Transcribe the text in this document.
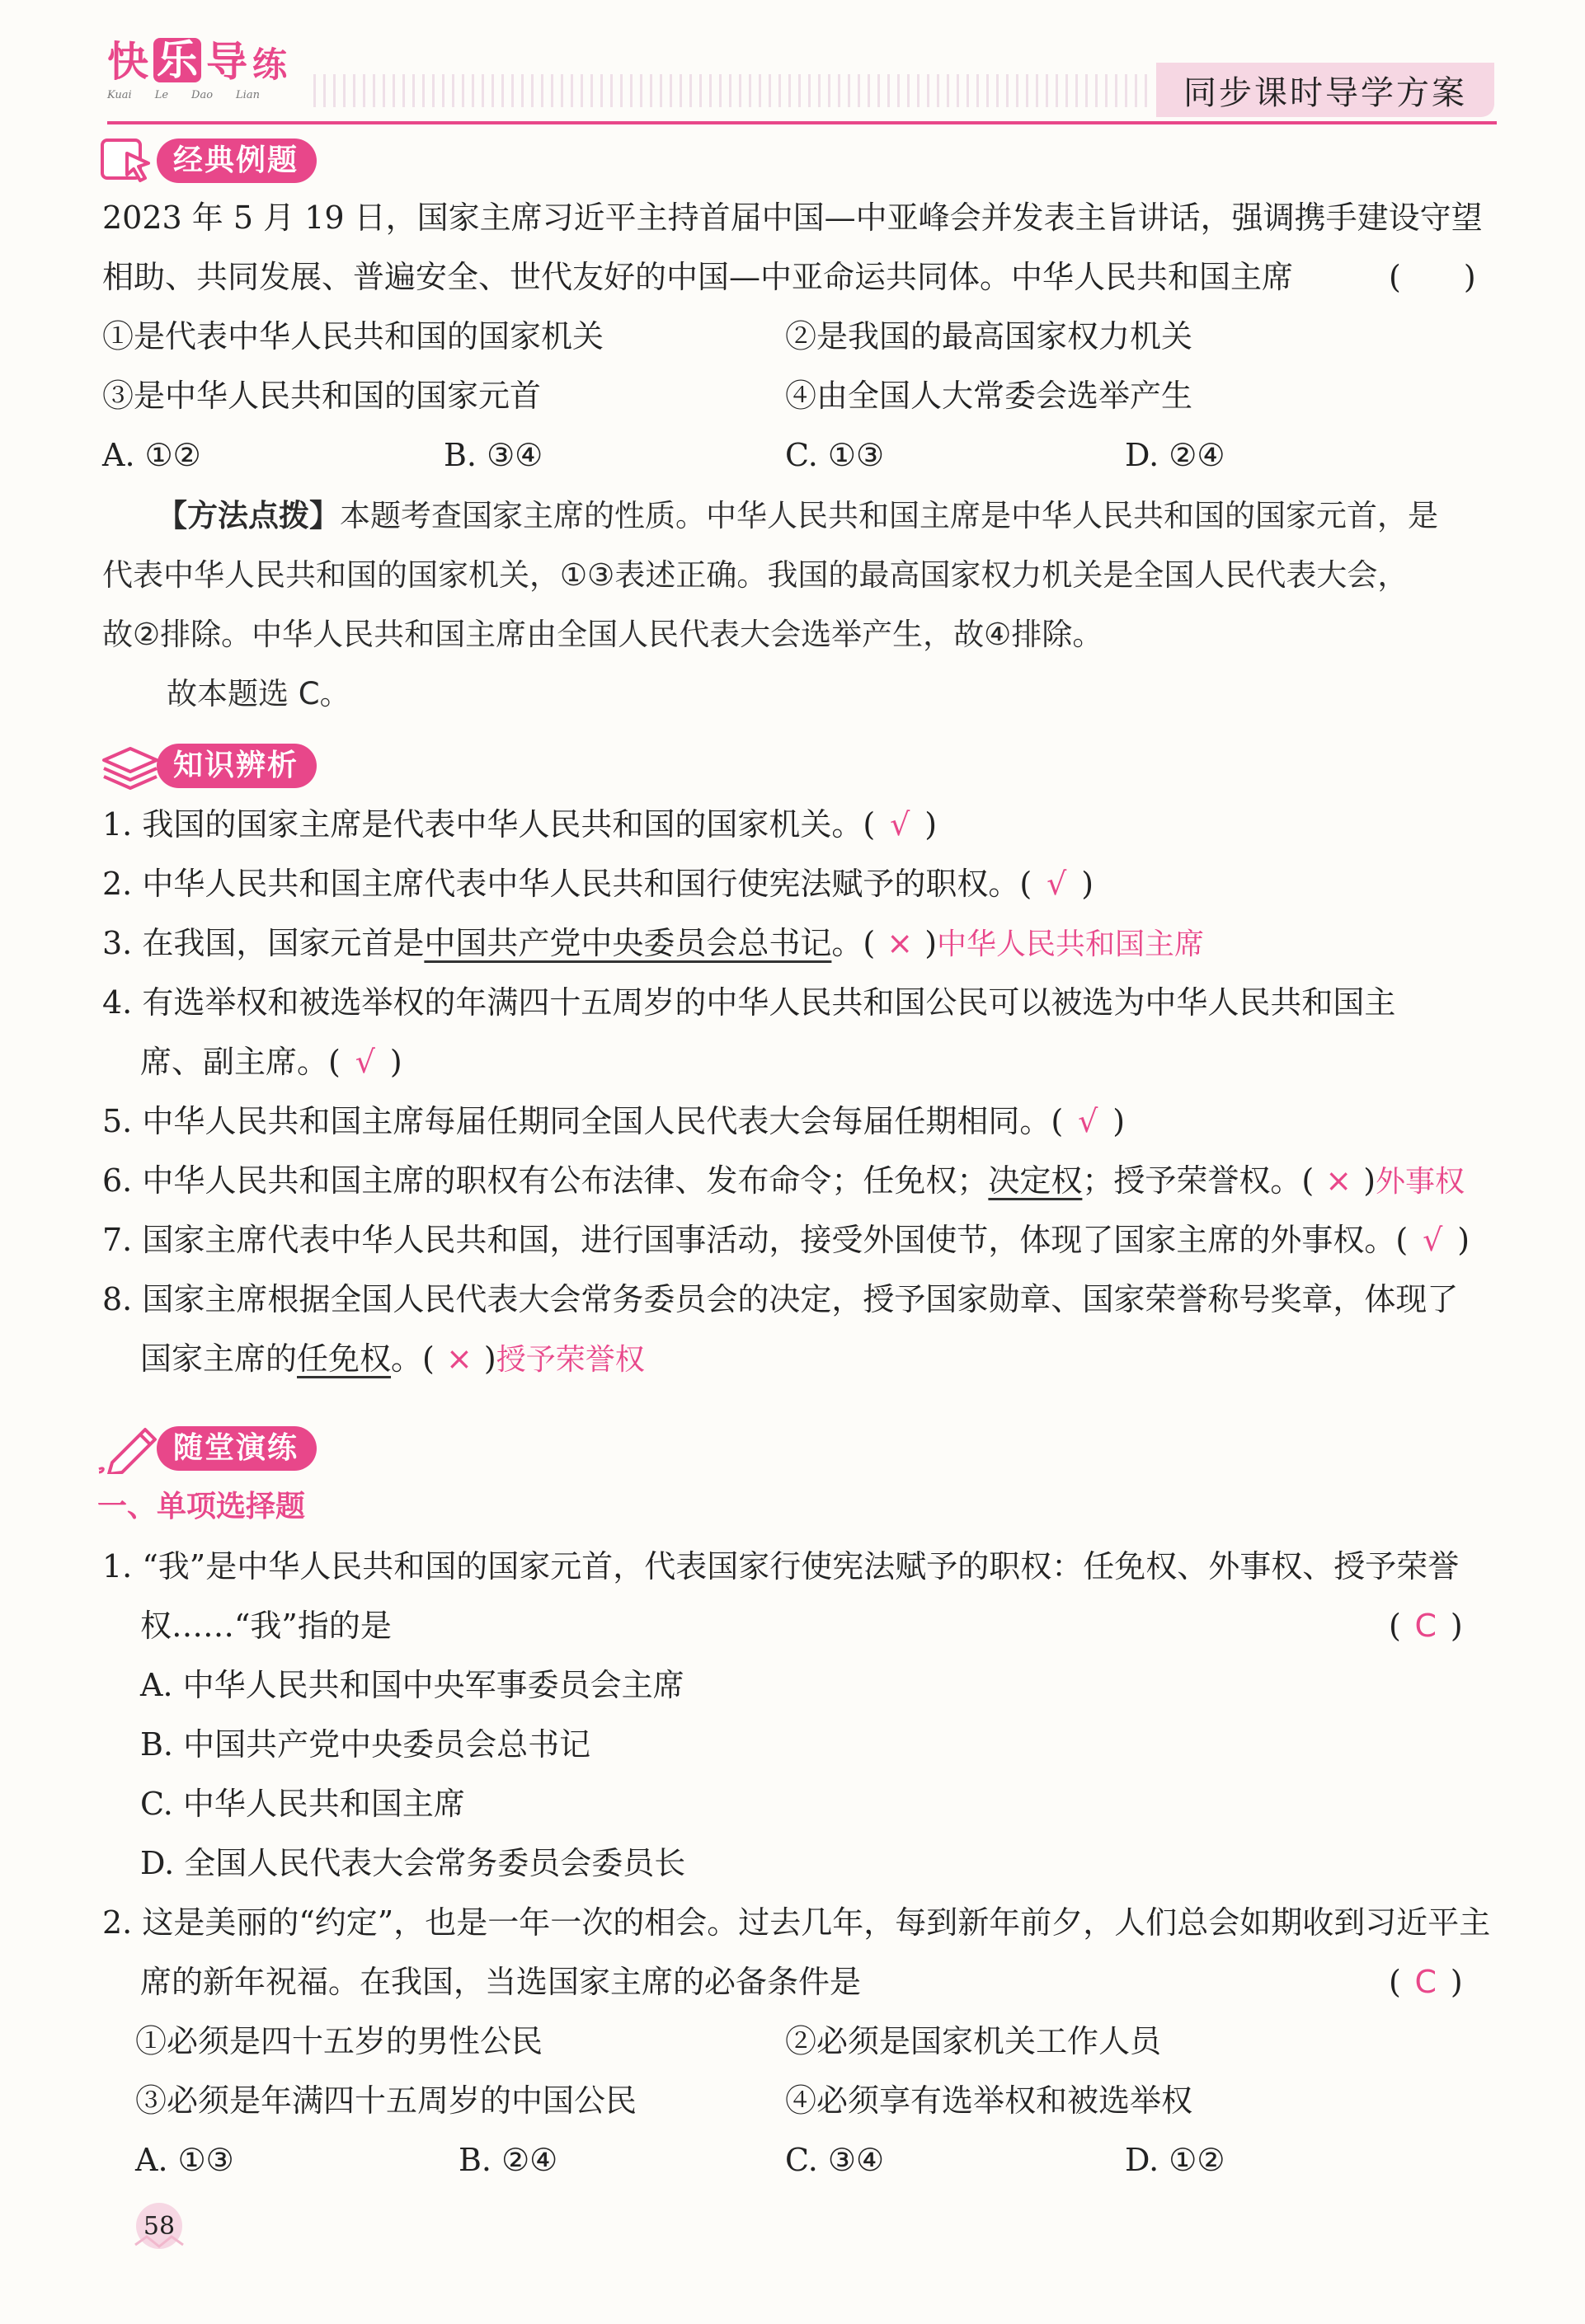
快 乐 导 练
Kuai Le Dao Lian	同步课时导学方案
经典例题
2023 年 5 月 19 日，国家主席习近平主持首届中国—中亚峰会并发表主旨讲话，强调携手建设守望
相助、共同发展、普遍安全、世代友好的中国—中亚命运共同体。中华人民共和国主席	(　　)
①是代表中华人民共和国的国家机关	②是我国的最高国家权力机关
③是中华人民共和国的国家元首	④由全国人大常委会选举产生
A. ①②	B. ③④	C. ①③	D. ②④
【方法点拨】本题考查国家主席的性质。中华人民共和国主席是中华人民共和国的国家元首，是
代表中华人民共和国的国家机关，①③表述正确。我国的最高国家权力机关是全国人民代表大会，
故②排除。中华人民共和国主席由全国人民代表大会选举产生，故④排除。
故本题选 C。
知识辨析
1. 我国的国家主席是代表中华人民共和国的国家机关。( √ )
2. 中华人民共和国主席代表中华人民共和国行使宪法赋予的职权。( √ )
3. 在我国，国家元首是中国共产党中央委员会总书记。( × )中华人民共和国主席
4. 有选举权和被选举权的年满四十五周岁的中华人民共和国公民可以被选为中华人民共和国主
席、副主席。( √ )
5. 中华人民共和国主席每届任期同全国人民代表大会每届任期相同。( √ )
6. 中华人民共和国主席的职权有公布法律、发布命令；任免权；决定权；授予荣誉权。( × )外事权
7. 国家主席代表中华人民共和国，进行国事活动，接受外国使节，体现了国家主席的外事权。( √ )
8. 国家主席根据全国人民代表大会常务委员会的决定，授予国家勋章、国家荣誉称号奖章，体现了
国家主席的任免权。( × )授予荣誉权
随堂演练
一、单项选择题
1. “我”是中华人民共和国的国家元首，代表国家行使宪法赋予的职权：任免权、外事权、授予荣誉
权……“我”指的是	( C )
A. 中华人民共和国中央军事委员会主席
B. 中国共产党中央委员会总书记
C. 中华人民共和国主席
D. 全国人民代表大会常务委员会委员长
2. 这是美丽的“约定”，也是一年一次的相会。过去几年，每到新年前夕，人们总会如期收到习近平主
席的新年祝福。在我国，当选国家主席的必备条件是	( C )
①必须是四十五岁的男性公民	②必须是国家机关工作人员
③必须是年满四十五周岁的中国公民	④必须享有选举权和被选举权
A. ①③	B. ②④	C. ③④	D. ①②
58
